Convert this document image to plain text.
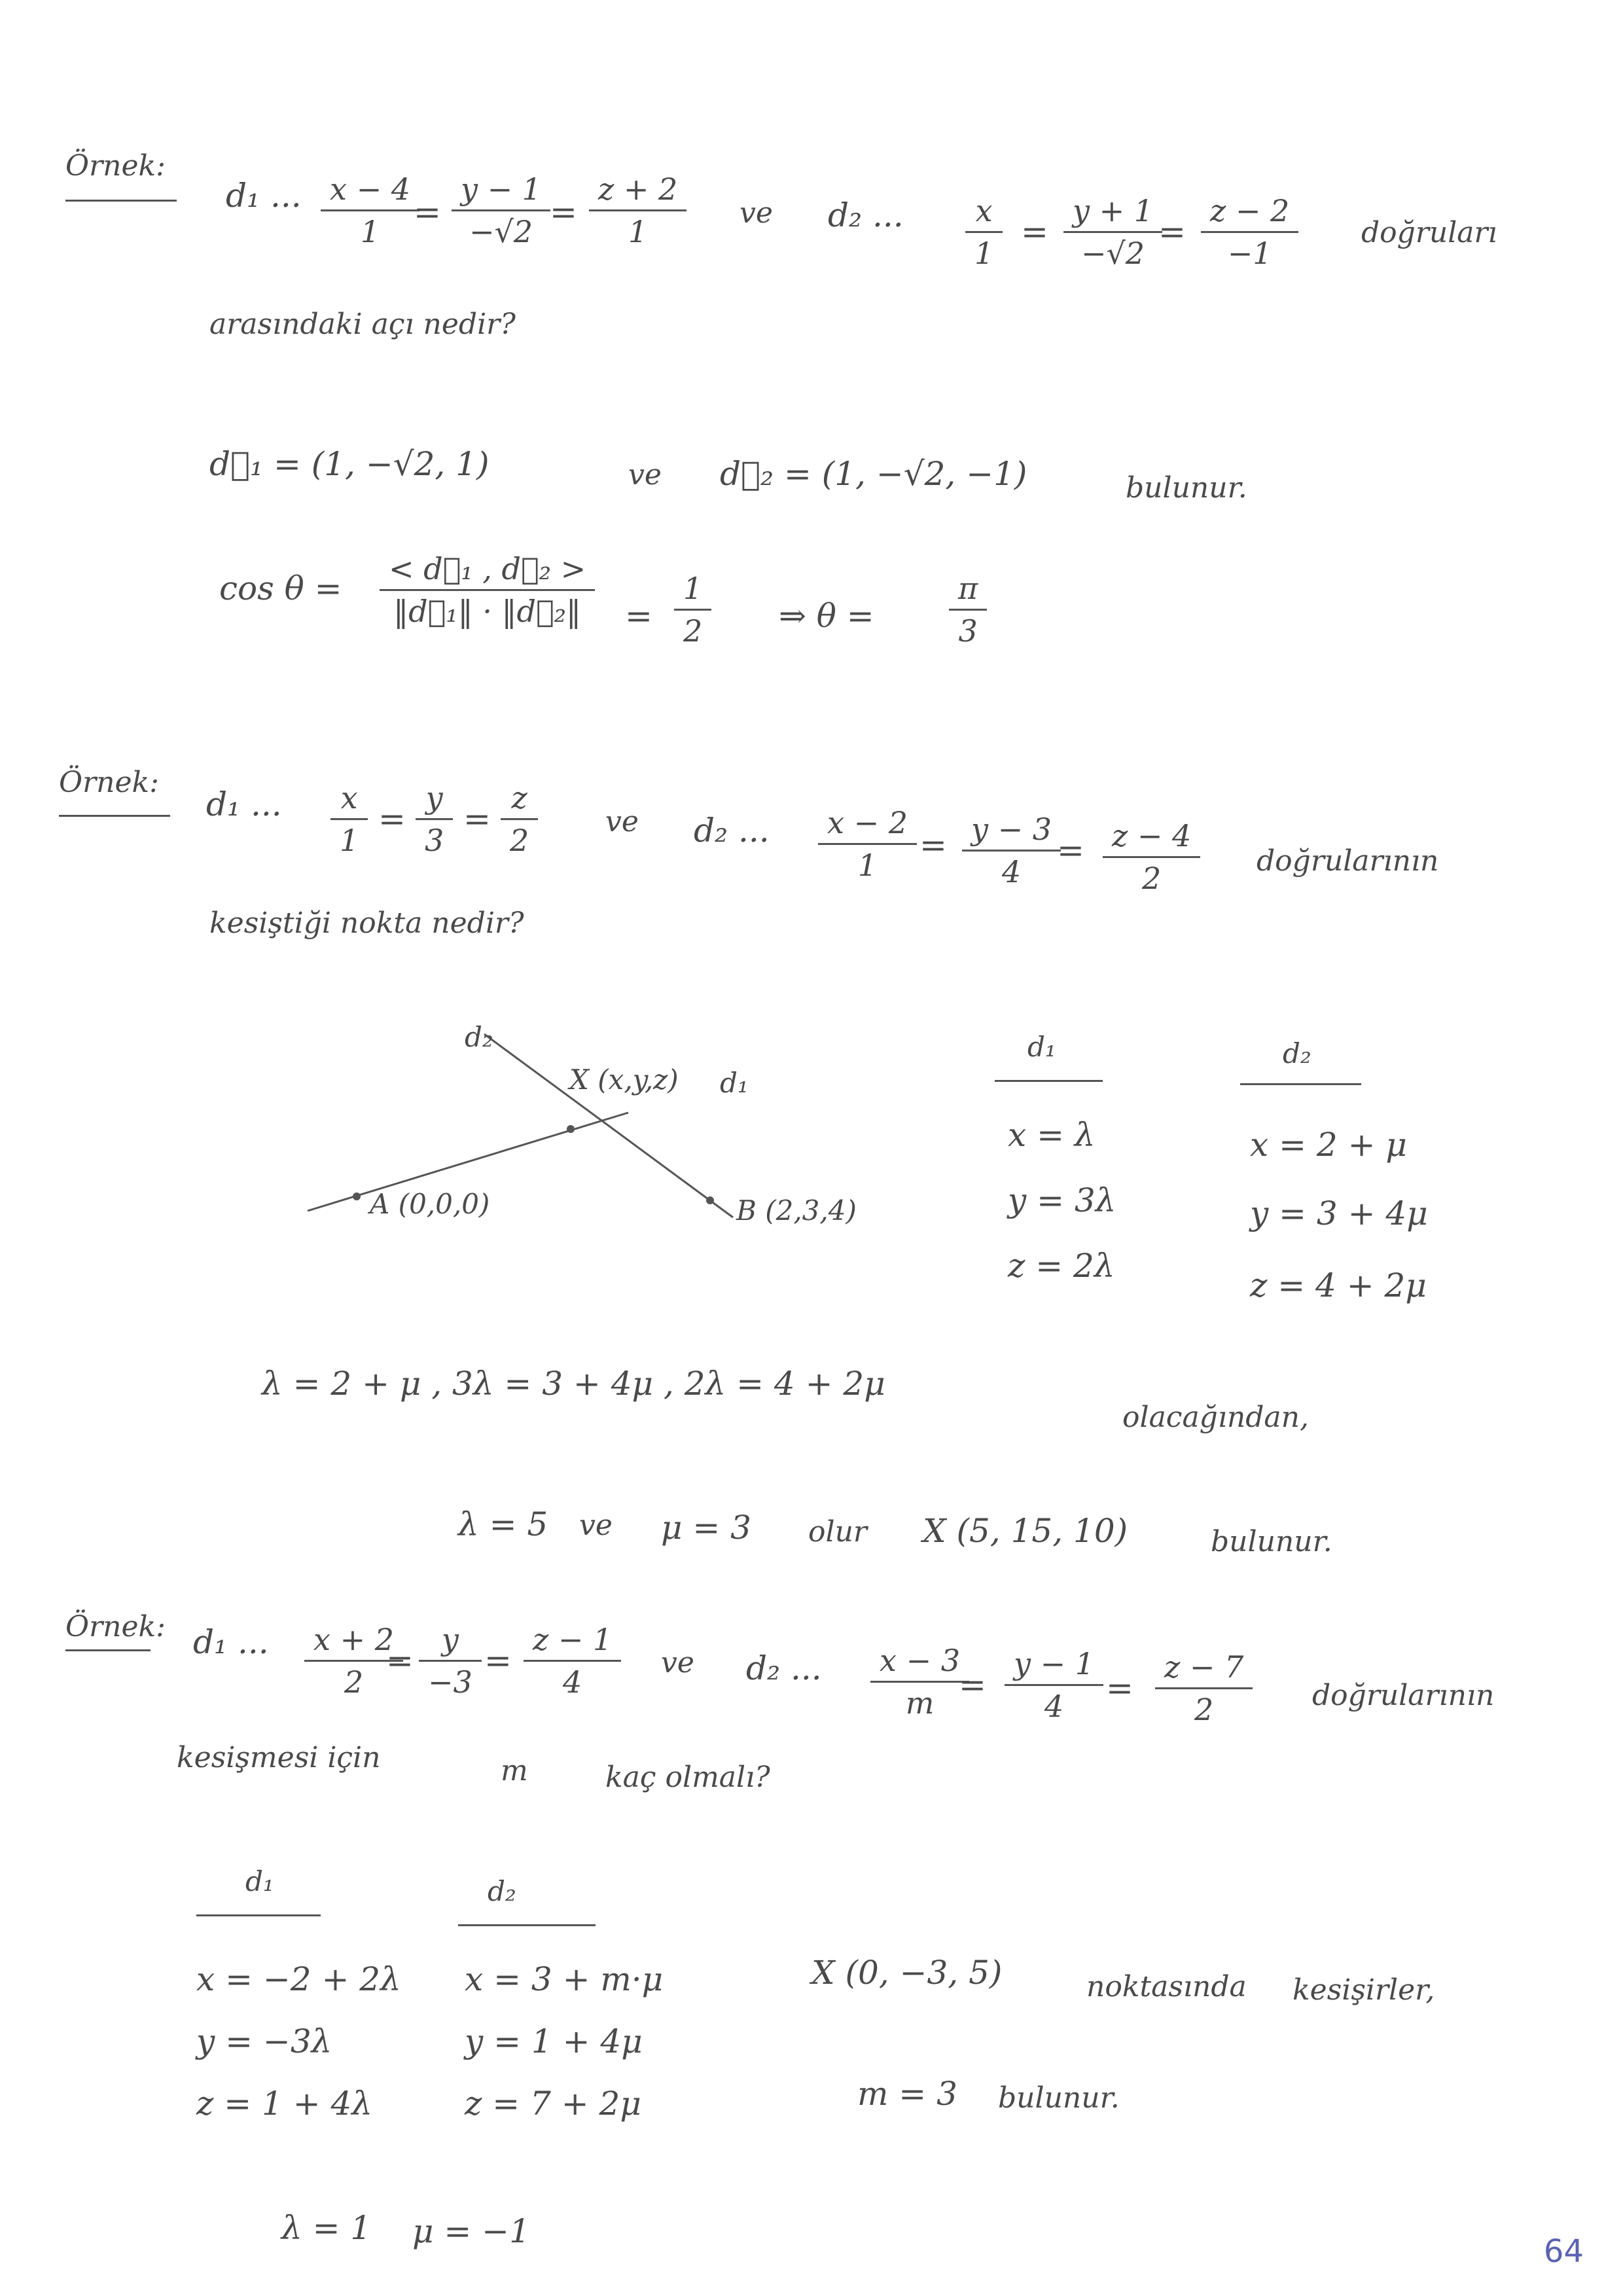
Örnek:
d₁ ... x − 4
1
=
y − 1
−√2
=
z + 2
1
ve d₂ ...	x
1
=
y + 1
−√2
=
z − 2
−1
doğruları
arasındaki açı nedir?
d⃗₁ = (1, −√2, 1)	ve d⃗₂ = (1, −√2, −1)	bulunur.
cos θ =
< d⃗₁ , d⃗₂ >
‖d⃗₁‖ · ‖d⃗₂‖ =
1
2 ⇒ θ =
π
3
Örnek:
d₁ ...	x
1
=
y
3
=
z
2
ve d₂ ...	x − 2
1
= y − 3
4
= z − 4
2	doğrularının
kesiştiği nokta nedir?
d₂
d₁
X (x,y,z)
A (0,0,0)	B (2,3,4)
d₁
x = λ
y = 3λ
z = 2λ
d₂
x = 2 + μ
y = 3 + 4μ
z = 4 + 2μ
λ = 2 + μ , 3λ = 3 + 4μ , 2λ = 4 + 2μ
olacağından,
λ = 5 ve μ = 3 olur X (5, 15, 10)	bulunur.
Örnek: d₁ ...	x + 2
2
=
y
−3
=
z − 1
4
ve d₂ ...	x − 3
m =
y − 1
4 =
z − 7
2	doğrularının
kesişmesi için	m	kaç olmalı?
d₁
x = −2 + 2λ
y = −3λ
z = 1 + 4λ
d₂
x = 3 + m·μ
y = 1 + 4μ
z = 7 + 2μ
X (0, −3, 5)	noktasında kesişirler,
m = 3 bulunur.
λ = 1 μ = −1
64
